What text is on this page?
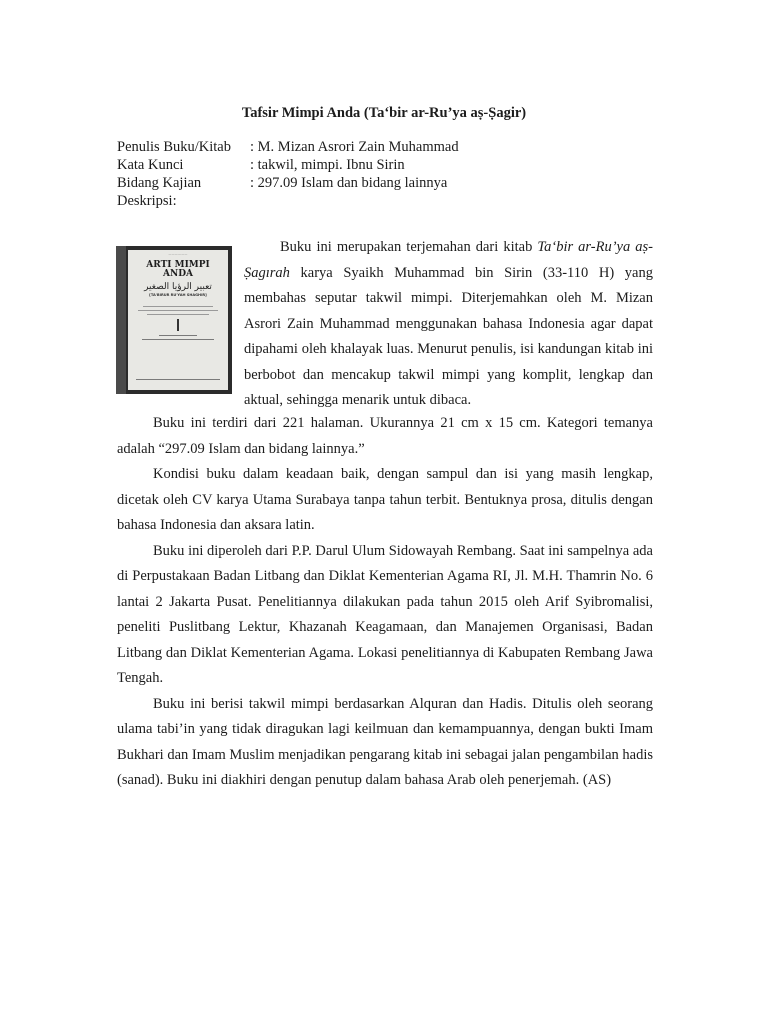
Tafsir Mimpi Anda (Ta‘bir ar-Ru’ya aṣ-Ṣagir)
Penulis Buku/Kitab	: M. Mizan Asrori Zain Muhammad
Kata Kunci	: takwil, mimpi. Ibnu Sirin
Bidang Kajian	: 297.09 Islam dan bidang lainnya
Deskripsi:
——————
ARTI MIMPI
ANDA
تعبير الرؤيا الصغير
[TA'BIRUR RU'YAH SHAGHIR]

Buku ini merupakan terjemahan dari kitab Ta‘bir ar-Ru’ya aṣ-Ṣagırah karya Syaikh Muhammad bin Sirin (33-110 H) yang membahas seputar takwil mimpi. Diterjemahkan oleh M. Mizan Asrori Zain Muhammad menggunakan bahasa Indonesia agar dapat dipahami oleh khalayak luas. Menurut penulis, isi kandungan kitab ini berbobot dan mencakup takwil mimpi yang komplit, lengkap dan aktual, sehingga menarik untuk dibaca.

Buku ini terdiri dari 221 halaman. Ukurannya 21 cm x 15 cm. Kategori temanya adalah “297.09 Islam dan bidang lainnya.”

Kondisi buku dalam keadaan baik, dengan sampul dan isi yang masih lengkap, dicetak oleh CV karya Utama Surabaya tanpa tahun terbit. Bentuknya prosa, ditulis dengan bahasa Indonesia dan aksara latin.

Buku ini diperoleh dari P.P. Darul Ulum Sidowayah Rembang. Saat ini sampelnya ada di Perpustakaan Badan Litbang dan Diklat Kementerian Agama RI, Jl. M.H. Thamrin No. 6 lantai 2 Jakarta Pusat. Penelitiannya dilakukan pada tahun 2015 oleh Arif Syibromalisi, peneliti Puslitbang Lektur, Khazanah Keagamaan, dan Manajemen Organisasi, Badan Litbang dan Diklat Kementerian Agama. Lokasi penelitiannya di Kabupaten Rembang Jawa Tengah.

Buku ini berisi takwil mimpi berdasarkan Alquran dan Hadis. Ditulis oleh seorang ulama tabi’in yang tidak diragukan lagi keilmuan dan kemampuannya, dengan bukti Imam Bukhari dan Imam Muslim menjadikan pengarang kitab ini sebagai jalan pengambilan hadis (sanad). Buku ini diakhiri dengan penutup dalam bahasa Arab oleh penerjemah. (AS)
